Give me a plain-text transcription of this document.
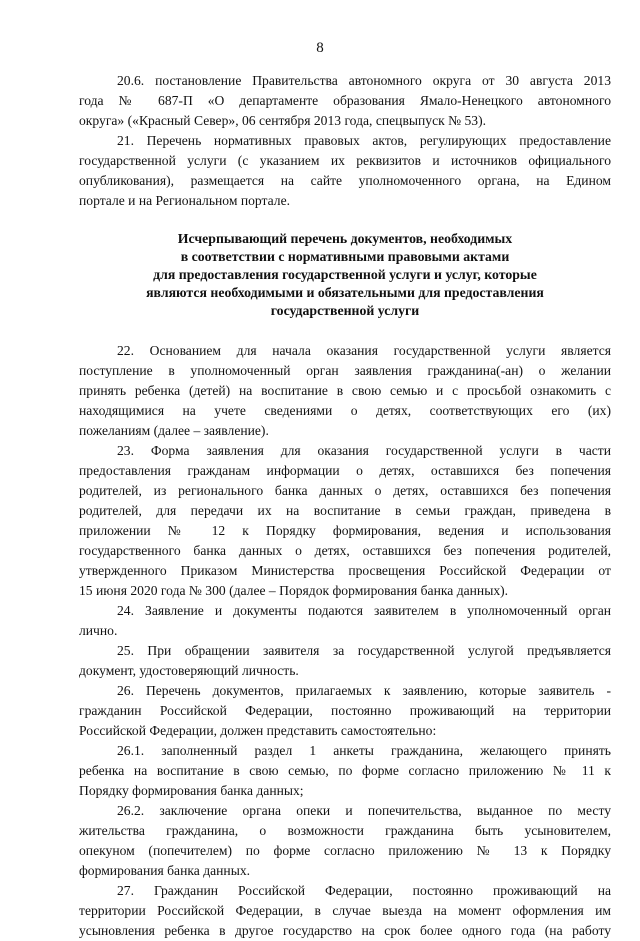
8
20.6. постановление Правительства автономного округа от 30 августа 2013
года № 687-П «О департаменте образования Ямало-Ненецкого автономного
округа» («Красный Север», 06 сентября 2013 года, спецвыпуск № 53).
21. Перечень нормативных правовых актов, регулирующих предоставление
государственной услуги (с указанием их реквизитов и источников официального
опубликования), размещается на сайте уполномоченного органа, на Едином
портале и на Региональном портале.
Исчерпывающий перечень документов, необходимых
в соответствии с нормативными правовыми актами
для предоставления государственной услуги и услуг, которые
являются необходимыми и обязательными для предоставления
государственной услуги
22. Основанием для начала оказания государственной услуги является
поступление в уполномоченный орган заявления гражданина(-ан) о желании
принять ребенка (детей) на воспитание в свою семью и с просьбой ознакомить с
находящимися на учете сведениями о детях, соответствующих его (их)
пожеланиям (далее – заявление).
23. Форма заявления для оказания государственной услуги в части
предоставления гражданам информации о детях, оставшихся без попечения
родителей, из регионального банка данных о детях, оставшихся без попечения
родителей, для передачи их на воспитание в семьи граждан, приведена в
приложении № 12 к Порядку формирования, ведения и использования
государственного банка данных о детях, оставшихся без попечения родителей,
утвержденного Приказом Министерства просвещения Российской Федерации от
15 июня 2020 года № 300 (далее – Порядок формирования банка данных).
24. Заявление и документы подаются заявителем в уполномоченный орган
лично.
25. При обращении заявителя за государственной услугой предъявляется
документ, удостоверяющий личность.
26. Перечень документов, прилагаемых к заявлению, которые заявитель -
гражданин Российской Федерации, постоянно проживающий на территории
Российской Федерации, должен представить самостоятельно:
26.1. заполненный раздел 1 анкеты гражданина, желающего принять
ребенка на воспитание в свою семью, по форме согласно приложению № 11 к
Порядку формирования банка данных;
26.2. заключение органа опеки и попечительства, выданное по месту
жительства гражданина, о возможности гражданина быть усыновителем,
опекуном (попечителем) по форме согласно приложению № 13 к Порядку
формирования банка данных.
27. Гражданин Российской Федерации, постоянно проживающий на
территории Российской Федерации, в случае выезда на момент оформления им
усыновления ребенка в другое государство на срок более одного года (на работу
